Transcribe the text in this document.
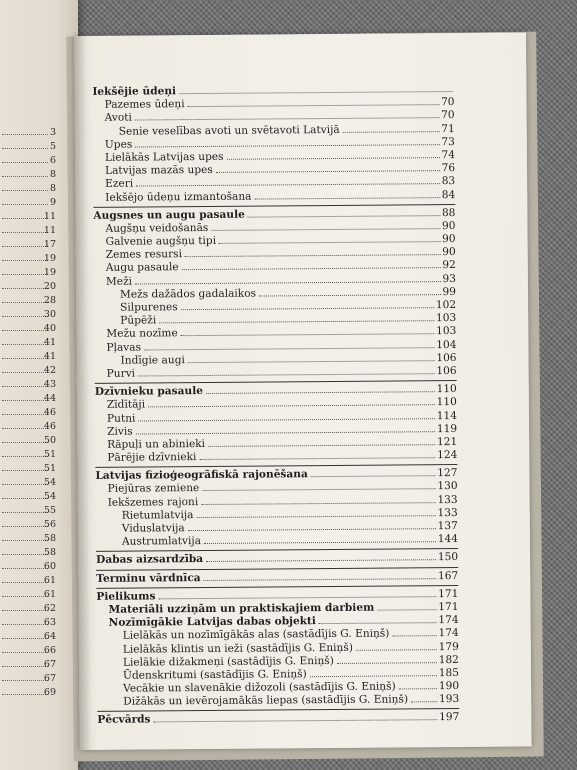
3
5
6
8
8
9
11
11
17
19
19
20
28
30
40
41
41
42
43
44
46
46
50
51
51
54
54
55
56
58
58
60
61
61
62
63
64
66
67
67
69
Iekšējie ūdeņi
Pazemes ūdeņi	70
Avoti	70
Senie veselības avoti un svētavoti Latvijā	71
Upes	73
Lielākās Latvijas upes	74
Latvijas mazās upes	76
Ezeri	83
Iekšējo ūdeņu izmantošana	84
Augsnes un augu pasaule	88
Augšņu veidošanās	90
Galvenie augšņu tipi	90
Zemes resursi	90
Augu pasaule	92
Meži	93
Mežs dažādos gadalaikos	99
Silpurenes	102
Pūpēži	103
Mežu nozīme	103
Pļavas	104
Indīgie augi	106
Purvi	106
Dzīvnieku pasaule	110
Zīdītāji	110
Putni	114
Zivis	119
Rāpuļi un abinieki	121
Pārējie dzīvnieki	124
Latvijas fizioģeogrāfiskā rajonēšana	127
Piejūras zemiene	130
Iekšzemes rajoni	133
Rietumlatvija	133
Viduslatvija	137
Austrumlatvija	144
Dabas aizsardzība	150
Terminu vārdnīca	167
Pielikums	171
Materiāli uzziņām un praktiskajiem darbiem	171
Nozīmīgākie Latvijas dabas objekti	174
Lielākās un nozīmīgākās alas (sastādījis G. Eniņš)	174
Lielākās klintis un ieži (sastādījis G. Eniņš)	179
Lielākie dižakmeņi (sastādījis G. Eniņš)	182
Ūdenskritumi (sastādījis G. Eniņš)	185
Vecākie un slavenākie dižozoli (sastādījis G. Eniņš)	190
Dižākās un ievērojamākās liepas (sastādījis G. Eniņš)	193
Pēcvārds	197
